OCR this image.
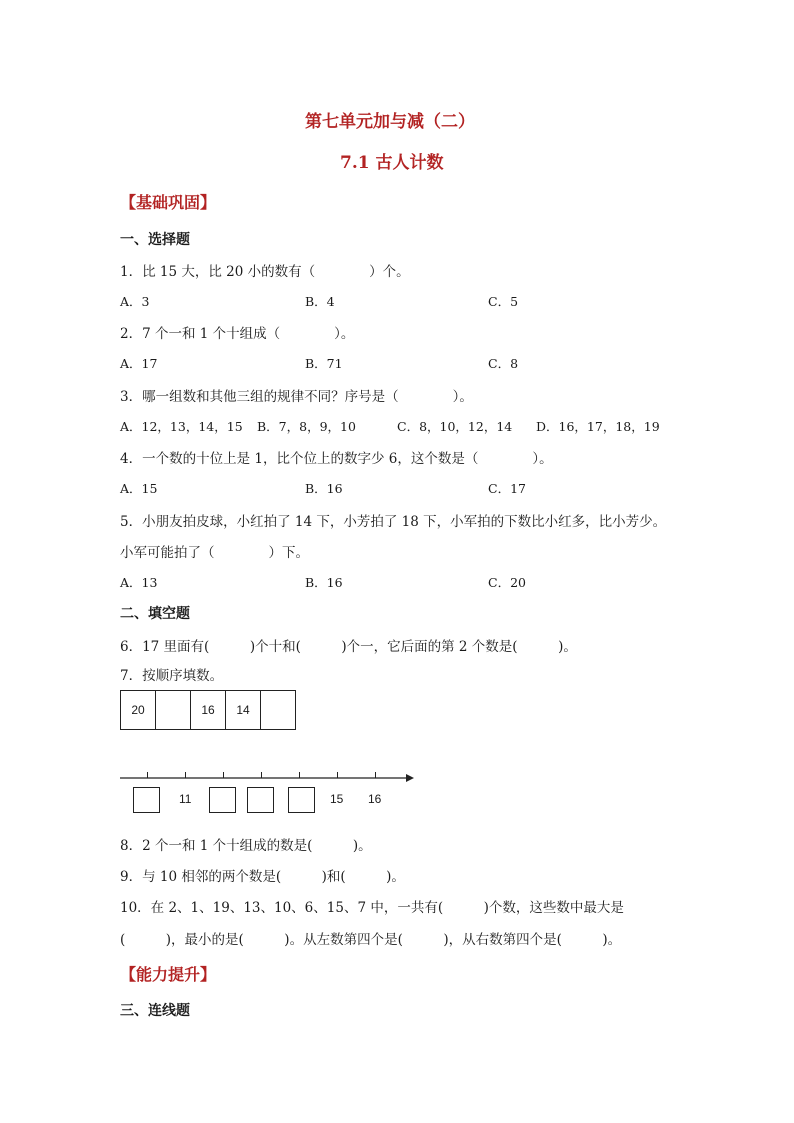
第七单元加与减（二）
7.1 古人计数
【基础巩固】
一、选择题
1．比 15 大，比 20 小的数有（　　　　）个。
A．3	B．4	C．5
2．7 个一和 1 个十组成（　　　　）。
A．17	B．71	C．8
3．哪一组数和其他三组的规律不同？序号是（　　　　）。
A．12，13，14，15 B．7，8，9，10	C．8，10，12，14 D．16，17，18，19
4．一个数的十位上是 1，比个位上的数字少 6，这个数是（　　　　）。
A．15	B．16	C．17
5．小朋友拍皮球，小红拍了 14 下，小芳拍了 18 下，小军拍的下数比小红多，比小芳少。
小军可能拍了（　　　　）下。
A．13	B．16	C．20
二、填空题
6．17 里面有(　　　)个十和(　　　)个一，它后面的第 2 个数是(　　　)。
7．按顺序填数。
20	16	14
11	15 16
8．2 个一和 1 个十组成的数是(　　　)。
9．与 10 相邻的两个数是(　　　)和(　　　)。
10．在 2、1、19、13、10、6、15、7 中，一共有(　　　)个数，这些数中最大是
(　　　)，最小的是(　　　)。从左数第四个是(　　　)，从右数第四个是(　　　)。
【能力提升】
三、连线题
